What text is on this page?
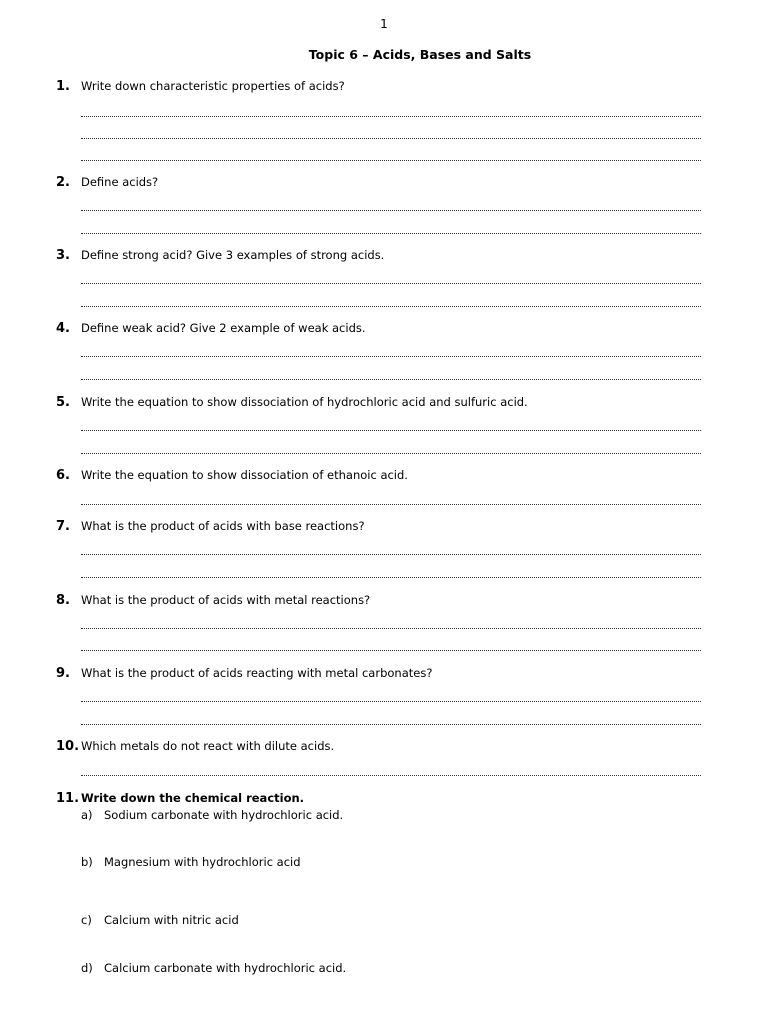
1
Topic 6 – Acids, Bases and Salts
1. Write down characteristic properties of acids?
2. Define acids?
3. Define strong acid? Give 3 examples of strong acids.
4. Define weak acid? Give 2 example of weak acids.
5. Write the equation to show dissociation of hydrochloric acid and sulfuric acid.
6. Write the equation to show dissociation of ethanoic acid.
7. What is the product of acids with base reactions?
8. What is the product of acids with metal reactions?
9. What is the product of acids reacting with metal carbonates?
10. Which metals do not react with dilute acids.
11. Write down the chemical reaction.
a) Sodium carbonate with hydrochloric acid.
b) Magnesium with hydrochloric acid
c) Calcium with nitric acid
d) Calcium carbonate with hydrochloric acid.
